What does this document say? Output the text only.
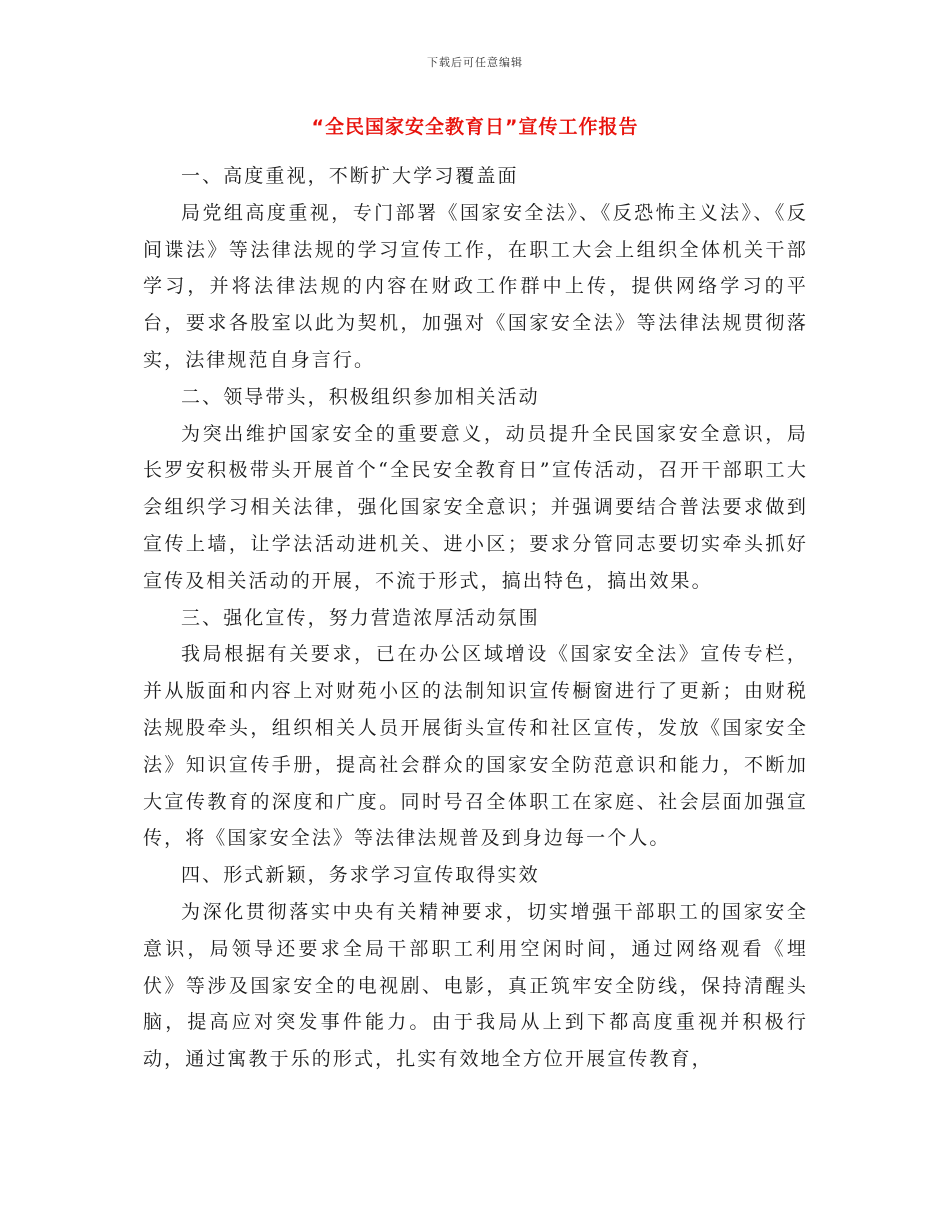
下载后可任意编辑
“全民国家安全教育日”宣传工作报告

一、高度重视，不断扩大学习覆盖面

局党组高度重视，专门部署《国家安全法》、《反恐怖主义法》、《反间谍法》等法律法规的学习宣传工作，在职工大会上组织全体机关干部学习，并将法律法规的内容在财政工作群中上传，提供网络学习的平台，要求各股室以此为契机，加强对《国家安全法》等法律法规贯彻落实，法律规范自身言行。

二、领导带头，积极组织参加相关活动

为突出维护国家安全的重要意义，动员提升全民国家安全意识，局长罗安积极带头开展首个“全民安全教育日”宣传活动，召开干部职工大会组织学习相关法律，强化国家安全意识；并强调要结合普法要求做到宣传上墙，让学法活动进机关、进小区；要求分管同志要切实牵头抓好宣传及相关活动的开展，不流于形式，搞出特色，搞出效果。

三、强化宣传，努力营造浓厚活动氛围

我局根据有关要求，已在办公区域增设《国家安全法》宣传专栏，并从版面和内容上对财苑小区的法制知识宣传橱窗进行了更新；由财税法规股牵头，组织相关人员开展街头宣传和社区宣传，发放《国家安全法》知识宣传手册，提高社会群众的国家安全防范意识和能力，不断加大宣传教育的深度和广度。同时号召全体职工在家庭、社会层面加强宣传，将《国家安全法》等法律法规普及到身边每一个人。

四、形式新颖，务求学习宣传取得实效

为深化贯彻落实中央有关精神要求，切实增强干部职工的国家安全意识，局领导还要求全局干部职工利用空闲时间，通过网络观看《埋伏》等涉及国家安全的电视剧、电影，真正筑牢安全防线，保持清醒头脑，提高应对突发事件能力。由于我局从上到下都高度重视并积极行动，通过寓教于乐的形式，扎实有效地全方位开展宣传教育，
